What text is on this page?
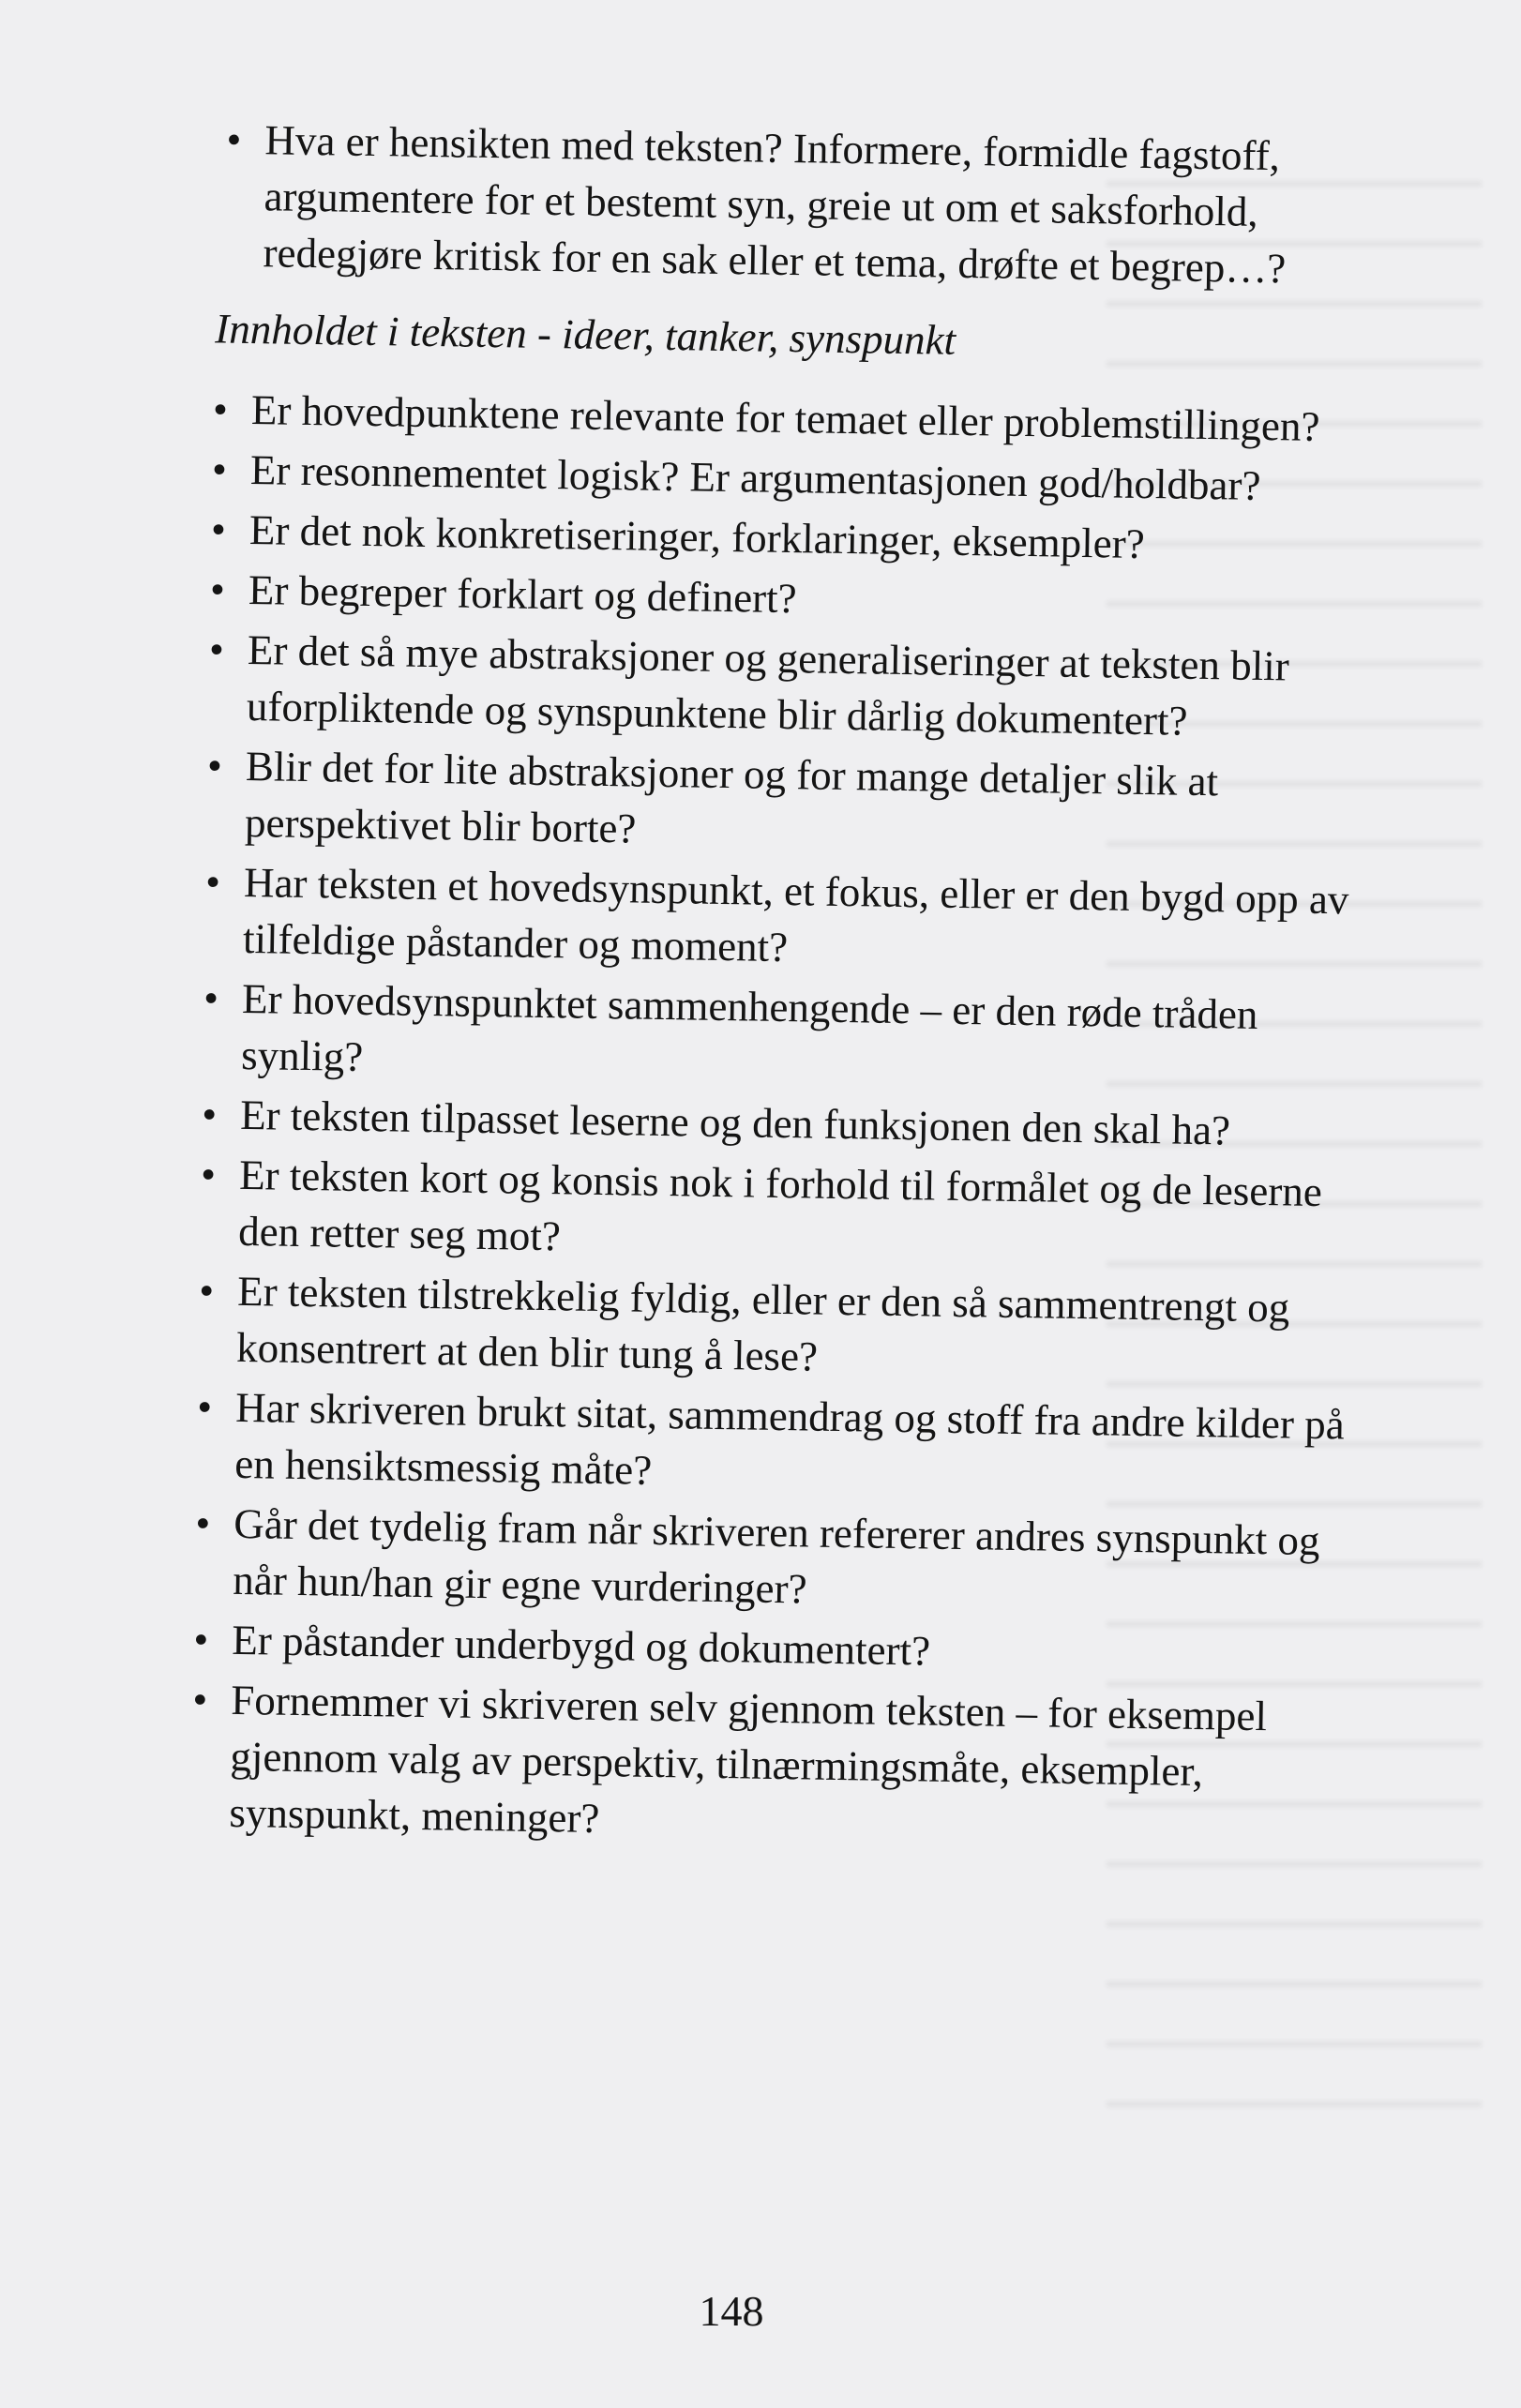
• Hva er hensikten med teksten? Informere, formidle fagstoff, argumentere for et bestemt syn, greie ut om et saksforhold, redegjøre kritisk for en sak eller et tema, drøfte et begrep…?
Innholdet i teksten - ideer, tanker, synspunkt
• Er hovedpunktene relevante for temaet eller problemstillingen?
• Er resonnementet logisk? Er argumentasjonen god/holdbar?
• Er det nok konkretiseringer, forklaringer, eksempler?
• Er begreper forklart og definert?
• Er det så mye abstraksjoner og generaliseringer at teksten blir uforpliktende og synspunktene blir dårlig dokumentert?
• Blir det for lite abstraksjoner og for mange detaljer slik at perspektivet blir borte?
• Har teksten et hovedsynspunkt, et fokus, eller er den bygd opp av tilfeldige påstander og moment?
• Er hovedsynspunktet sammenhengende – er den røde tråden synlig?
• Er teksten tilpasset leserne og den funksjonen den skal ha?
• Er teksten kort og konsis nok i forhold til formålet og de leserne den retter seg mot?
• Er teksten tilstrekkelig fyldig, eller er den så sammentrengt og konsentrert at den blir tung å lese?
• Har skriveren brukt sitat, sammendrag og stoff fra andre kilder på en hensiktsmessig måte?
• Går det tydelig fram når skriveren refererer andres synspunkt og når hun/han gir egne vurderinger?
• Er påstander underbygd og dokumentert?
• Fornemmer vi skriveren selv gjennom teksten – for eksempel gjennom valg av perspektiv, tilnærmingsmåte, eksempler, synspunkt, meninger?
148
